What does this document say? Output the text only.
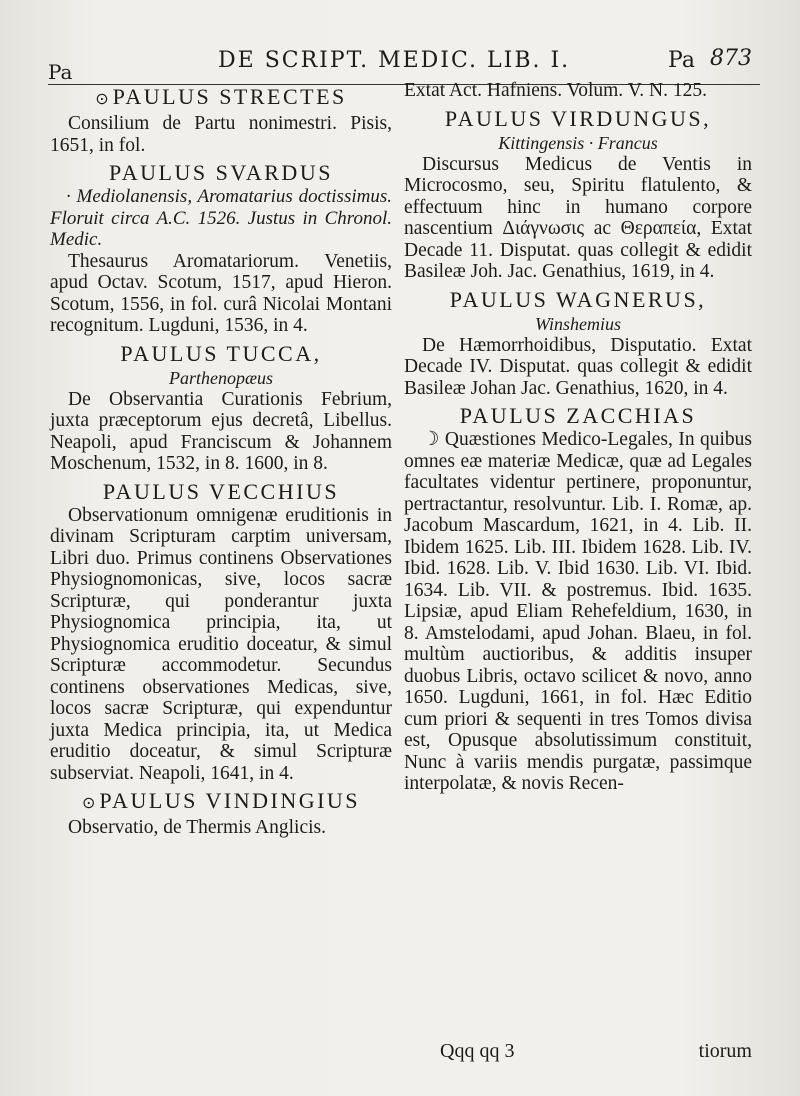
Pa	DE SCRIPT. MEDIC. LIB. I.	Pa 873
⊙ PAULUS STRECTES
Consilium de Partu nonimestri. Pisis, 1651, in fol.
PAULUS SVARDUS
· Mediolanensis, Aromatarius doctissimus. Floruit circa A.C. 1526. Justus in Chronol. Medic.
Thesaurus Aromatariorum. Venetiis, apud Octav. Scotum, 1517, apud Hieron. Scotum, 1556, in fol. curâ Nicolai Montani recognitum. Lugduni, 1536, in 4.
PAULUS TUCCA,
Parthenopæus
De Observantia Curationis Febrium, juxta præceptorum ejus decretâ, Libellus. Neapoli, apud Franciscum & Johannem Moschenum, 1532, in 8. 1600, in 8.
PAULUS VECCHIUS
Observationum omnigenæ eruditionis in divinam Scripturam carptim universam, Libri duo. Primus continens Observationes Physiognomonicas, sive, locos sacræ Scripturæ, qui ponderantur juxta Physiognomica principia, ita, ut Physiognomica eruditio doceatur, & simul Scripturæ accommodetur. Secundus continens observationes Medicas, sive, locos sacræ Scripturæ, qui expenduntur juxta Medica principia, ita, ut Medica eruditio doceatur, & simul Scripturæ subserviat. Neapoli, 1641, in 4.
⊙ PAULUS VINDINGIUS
Observatio, de Thermis Anglicis.
Extat Act. Hafniens. Volum. V. N. 125.
PAULUS VIRDUNGUS,
Kittingensis · Francus
Discursus Medicus de Ventis in Microcosmo, seu, Spiritu flatulento, & effectuum hinc in humano corpore nascentium Διάγνωσις ac Θεραπεία, Extat Decade 11. Disputat. quas collegit & edidit Basileæ Joh. Jac. Genathius, 1619, in 4.
PAULUS WAGNERUS,
Winshemius
De Hæmorrhoidibus, Disputatio. Extat Decade IV. Disputat. quas collegit & edidit Basileæ Johan Jac. Genathius, 1620, in 4.
PAULUS ZACCHIAS
☽ Quæstiones Medico-Legales, In quibus omnes eæ materiæ Medicæ, quæ ad Legales facultates videntur pertinere, proponuntur, pertractantur, resolvuntur. Lib. I. Romæ, ap. Jacobum Mascardum, 1621, in 4. Lib. II. Ibidem 1625. Lib. III. Ibidem 1628. Lib. IV. Ibid. 1628. Lib. V. Ibid 1630. Lib. VI. Ibid. 1634. Lib. VII. & postremus. Ibid. 1635. Lipsiæ, apud Eliam Rehefeldium, 1630, in 8. Amstelodami, apud Johan. Blaeu, in fol. multùm auctioribus, & additis insuper duobus Libris, octavo scilicet & novo, anno 1650. Lugduni, 1661, in fol. Hæc Editio cum priori & sequenti in tres Tomos divisa est, Opusque absolutissimum constituit, Nunc à variis mendis purgatæ, passimque interpolatæ, & novis Recen-
Qqq qq 3	tiorum
